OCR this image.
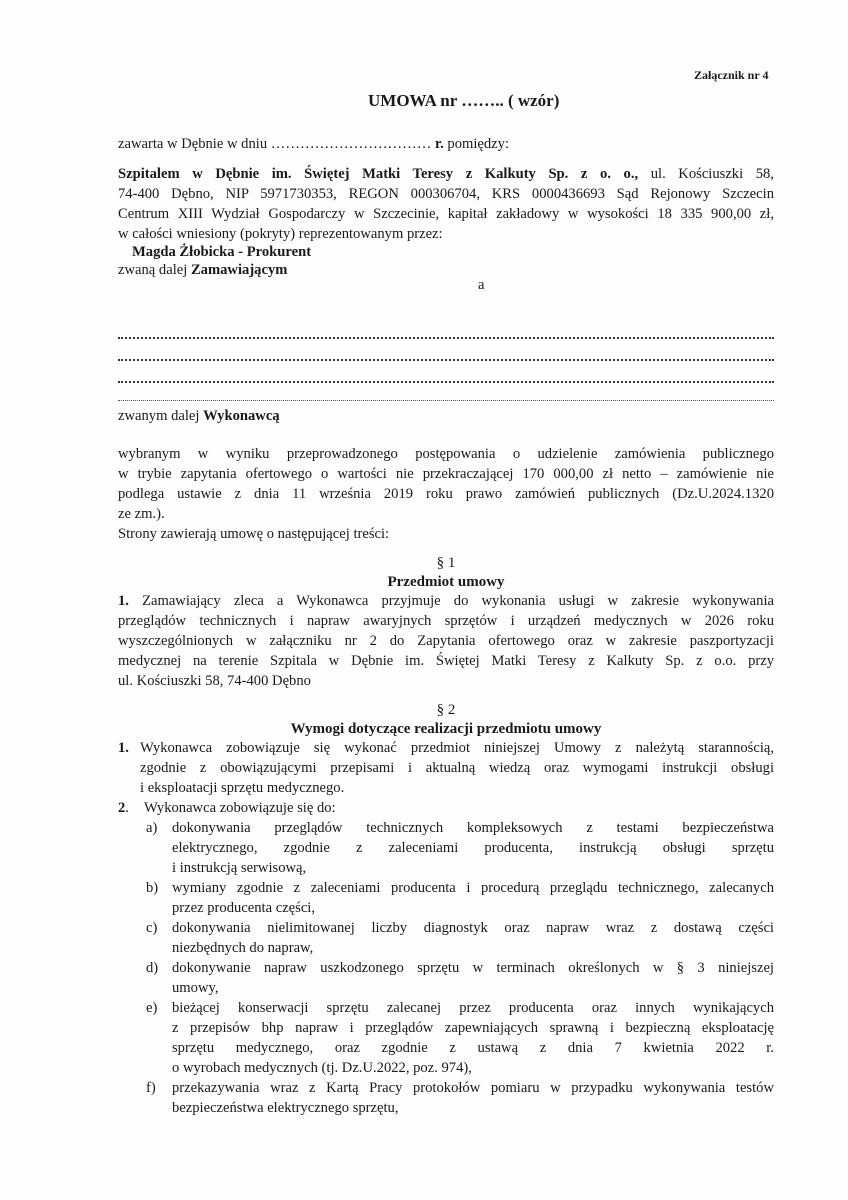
Załącznik nr 4
UMOWA nr …….. ( wzór)
zawarta w Dębnie w dniu …………………………… r. pomiędzy:
Szpitalem w Dębnie im. Świętej Matki Teresy z Kalkuty Sp. z o. o., ul. Kościuszki 58,
74-400 Dębno, NIP 5971730353, REGON 000306704, KRS 0000436693 Sąd Rejonowy Szczecin
Centrum XIII Wydział Gospodarczy w Szczecinie, kapitał zakładowy w wysokości 18 335 900,00 zł,
w całości wniesiony (pokryty) reprezentowanym przez:
Magda Żłobicka - Prokurent
zwaną dalej Zamawiającym
a
zwanym dalej Wykonawcą
wybranym w wyniku przeprowadzonego postępowania o udzielenie zamówienia publicznego
w trybie zapytania ofertowego o wartości nie przekraczającej 170 000,00 zł netto – zamówienie nie
podlega ustawie z dnia 11 września 2019 roku prawo zamówień publicznych (Dz.U.2024.1320
ze zm.).
Strony zawierają umowę o następującej treści:
§ 1
Przedmiot umowy
1. Zamawiający zleca a Wykonawca przyjmuje do wykonania usługi w zakresie wykonywania
przeglądów technicznych i napraw awaryjnych sprzętów i urządzeń medycznych w 2026 roku
wyszczególnionych w załączniku nr 2 do Zapytania ofertowego oraz w zakresie paszportyzacji
medycznej na terenie Szpitala w Dębnie im. Świętej Matki Teresy z Kalkuty Sp. z o.o. przy
ul. Kościuszki 58, 74-400 Dębno
§ 2
Wymogi dotyczące realizacji przedmiotu umowy
1. Wykonawca zobowiązuje się wykonać przedmiot niniejszej Umowy z należytą starannością,
zgodnie z obowiązującymi przepisami i aktualną wiedzą oraz wymogami instrukcji obsługi
i eksploatacji sprzętu medycznego.
2. Wykonawca zobowiązuje się do:
a) dokonywania przeglądów technicznych kompleksowych z testami bezpieczeństwa
elektrycznego, zgodnie z zaleceniami producenta, instrukcją obsługi sprzętu
i instrukcją serwisową,
b) wymiany zgodnie z zaleceniami producenta i procedurą przeglądu technicznego, zalecanych
przez producenta części,
c) dokonywania nielimitowanej liczby diagnostyk oraz napraw wraz z dostawą części
niezbędnych do napraw,
d) dokonywanie napraw uszkodzonego sprzętu w terminach określonych w § 3 niniejszej
umowy,
e) bieżącej konserwacji sprzętu zalecanej przez producenta oraz innych wynikających
z przepisów bhp napraw i przeglądów zapewniających sprawną i bezpieczną eksploatację
sprzętu medycznego, oraz zgodnie z ustawą z dnia 7 kwietnia 2022 r.
o wyrobach medycznych (tj. Dz.U.2022, poz. 974),
f) przekazywania wraz z Kartą Pracy protokołów pomiaru w przypadku wykonywania testów
bezpieczeństwa elektrycznego sprzętu,
